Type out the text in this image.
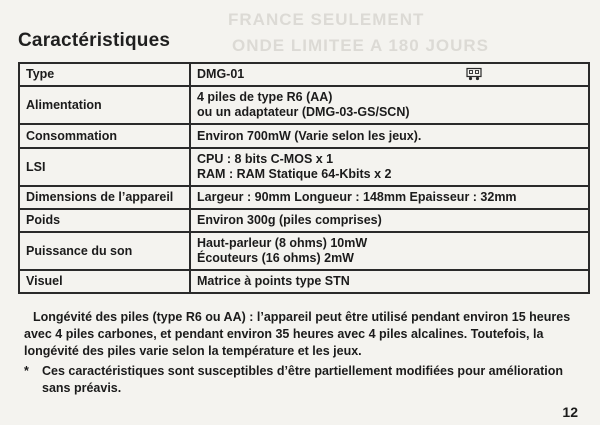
FRANCE SEULEMENT
ONDE LIMITEE A 180 JOURS
Caractéristiques
Type	DMG-01

Alimentation	4 piles de type R6 (AA)
ou un adaptateur (DMG-03-GS/SCN)

Consommation	Environ 700mW (Varie selon les jeux).

LSI	CPU : 8 bits C-MOS x 1
RAM : RAM Statique 64-Kbits x 2

Dimensions de l’appareil	Largeur : 90mm Longueur : 148mm Epaisseur : 32mm

Poids	Environ 300g (piles comprises)

Puissance du son	Haut-parleur (8 ohms) 10mW
Écouteurs (16 ohms) 2mW

Visuel	Matrice à points type STN
Longévité des piles (type R6 ou AA) : l’appareil peut être utilisé pendant environ 15 heures avec 4 piles carbones, et pendant environ 35 heures avec 4 piles alcalines. Toutefois, la longévité des piles varie selon la température et les jeux.
* Ces caractéristiques sont susceptibles d’être partiellement modifiées pour amélioration sans préavis.
12
